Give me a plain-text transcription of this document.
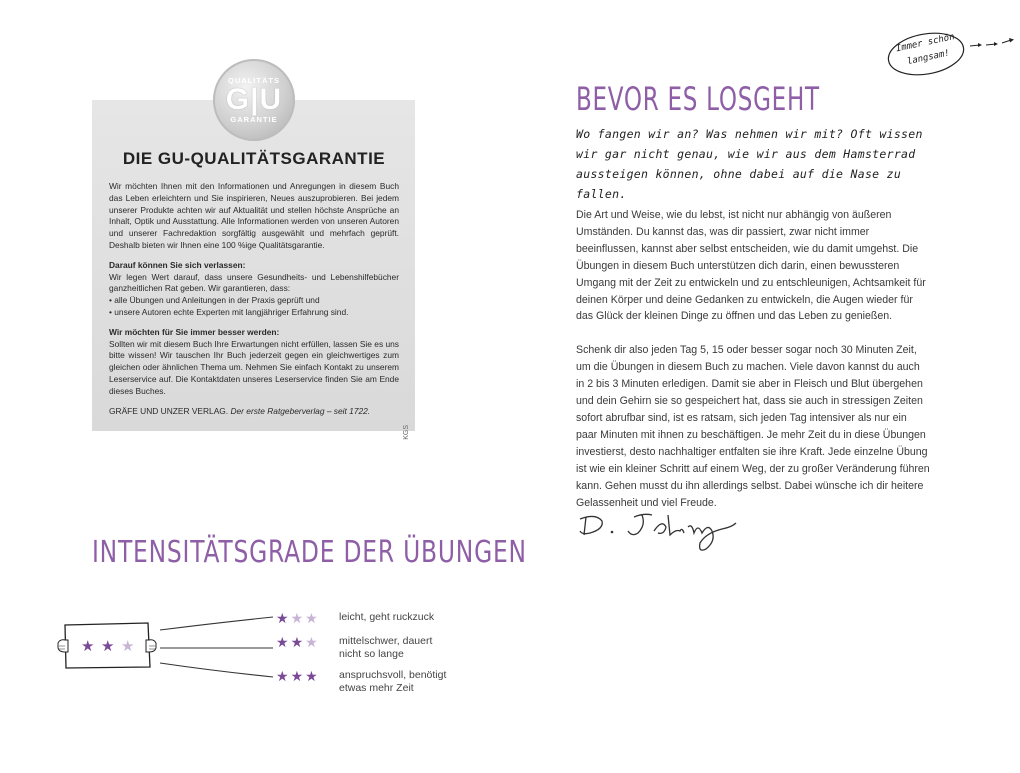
QUALITÄTS
G|U
GARANTIE
DIE GU-QUALITÄTSGARANTIE

Wir möchten Ihnen mit den Informationen und Anregungen in diesem Buch das Leben erleichtern und Sie inspirieren, Neues auszuprobieren. Bei jedem unserer Produkte achten wir auf Aktualität und stellen höchste Ansprüche an Inhalt, Optik und Ausstattung. Alle Informationen werden von unseren Autoren und unserer Fachredaktion sorgfältig ausgewählt und mehrfach geprüft. Deshalb bieten wir Ihnen eine 100 %ige Qualitätsgarantie.

Darauf können Sie sich verlassen:
Wir legen Wert darauf, dass unsere Gesundheits- und Lebenshilfebücher ganzheitlichen Rat geben. Wir garantieren, dass:

• alle Übungen und Anleitungen in der Praxis geprüft und
• unsere Autoren echte Experten mit langjähriger Erfahrung sind.

Wir möchten für Sie immer besser werden:
Sollten wir mit diesem Buch Ihre Erwartungen nicht erfüllen, lassen Sie es uns bitte wissen! Wir tauschen Ihr Buch jederzeit gegen ein gleichwertiges zum gleichen oder ähnlichen Thema um. Nehmen Sie einfach Kontakt zu unserem Leserservice auf. Die Kontaktdaten unseres Leserservice finden Sie am Ende dieses Buches.

GRÄFE UND UNZER VERLAG. Der erste Ratgeberverlag – seit 1722.
KGS
INTENSITÄTSGRADE DER ÜBUNGEN
★ ★ ★
★★★	leicht, geht ruckzuck
★★★	mittelschwer, dauert nicht so lange
★★★	anspruchsvoll, benötigt etwas mehr Zeit
Immer schön langsam!
BEVOR ES LOSGEHT
Wo fangen wir an? Was nehmen wir mit? Oft wissen wir gar nicht genau, wie wir aus dem Hamsterrad aussteigen können, ohne dabei auf die Nase zu fallen.

Die Art und Weise, wie du lebst, ist nicht nur abhängig von äußeren Umständen. Du kannst das, was dir passiert, zwar nicht immer beeinflussen, kannst aber selbst entscheiden, wie du damit umgehst. Die Übungen in diesem Buch unterstützen dich darin, einen bewussteren Umgang mit der Zeit zu entwickeln und zu entschleunigen, Achtsamkeit für deinen Körper und deine Gedanken zu entwickeln, die Augen wieder für das Glück der kleinen Dinge zu öffnen und das Leben zu genießen.

Schenk dir also jeden Tag 5, 15 oder besser sogar noch 30 Minuten Zeit, um die Übungen in diesem Buch zu machen. Viele davon kannst du auch in 2 bis 3 Minuten erledigen. Damit sie aber in Fleisch und Blut übergehen und dein Gehirn sie so gespeichert hat, dass sie auch in stressigen Zeiten sofort abrufbar sind, ist es ratsam, sich jeden Tag intensiver als nur ein paar Minuten mit ihnen zu beschäftigen. Je mehr Zeit du in diese Übungen investierst, desto nachhaltiger entfalten sie ihre Kraft. Jede einzelne Übung ist wie ein kleiner Schritt auf einem Weg, der zu großer Veränderung führen kann. Gehen musst du ihn allerdings selbst. Dabei wünsche ich dir heitere Gelassenheit und viel Freude.
